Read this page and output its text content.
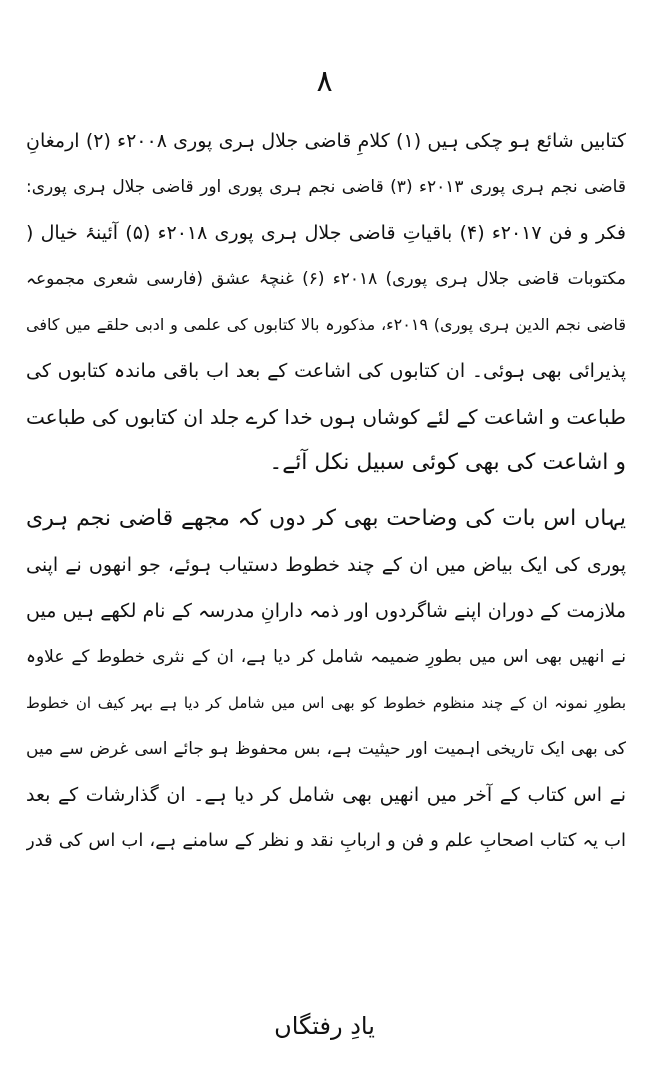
۸
کتابیں شائع ہو چکی ہیں (۱) کلامِ قاضی جلال ہری پوری ۲۰۰۸ء (۲) ارمغانِ
قاضی نجم ہری پوری ۲۰۱۳ء (۳) قاضی نجم ہری پوری اور قاضی جلال ہری پوری:
فکر و فن ۲۰۱۷ء (۴) باقیاتِ قاضی جلال ہری پوری ۲۰۱۸ء (۵) آئینۂ خیال (
مکتوبات قاضی جلال ہری پوری) ۲۰۱۸ء (۶) غنچۂ عشق (فارسی شعری مجموعہ
قاضی نجم الدین ہری پوری) ۲۰۱۹ء، مذکورہ بالا کتابوں کی علمی و ادبی حلقے میں کافی
پذیرائی بھی ہوئی۔ ان کتابوں کی اشاعت کے بعد اب باقی ماندہ کتابوں کی
طباعت و اشاعت کے لئے کوشاں ہوں خدا کرے جلد ان کتابوں کی طباعت
و اشاعت کی بھی کوئی سبیل نکل آئے۔
یہاں اس بات کی وضاحت بھی کر دوں کہ مجھے قاضی نجم ہری
پوری کی ایک بیاض میں ان کے چند خطوط دستیاب ہوئے، جو انھوں نے اپنی
ملازمت کے دوران اپنے شاگردوں اور ذمہ دارانِ مدرسہ کے نام لکھے ہیں میں
نے انھیں بھی اس میں بطورِ ضمیمہ شامل کر دیا ہے، ان کے نثری خطوط کے علاوہ
بطورِ نمونہ ان کے چند منظوم خطوط کو بھی اس میں شامل کر دیا ہے بہر کیف ان خطوط
کی بھی ایک تاریخی اہمیت اور حیثیت ہے، بس محفوظ ہو جائے اسی غرض سے میں
نے اس کتاب کے آخر میں انھیں بھی شامل کر دیا ہے۔ ان گذارشات کے بعد
اب یہ کتاب اصحابِ علم و فن و اربابِ نقد و نظر کے سامنے ہے، اب اس کی قدر
یادِ رفتگاں
